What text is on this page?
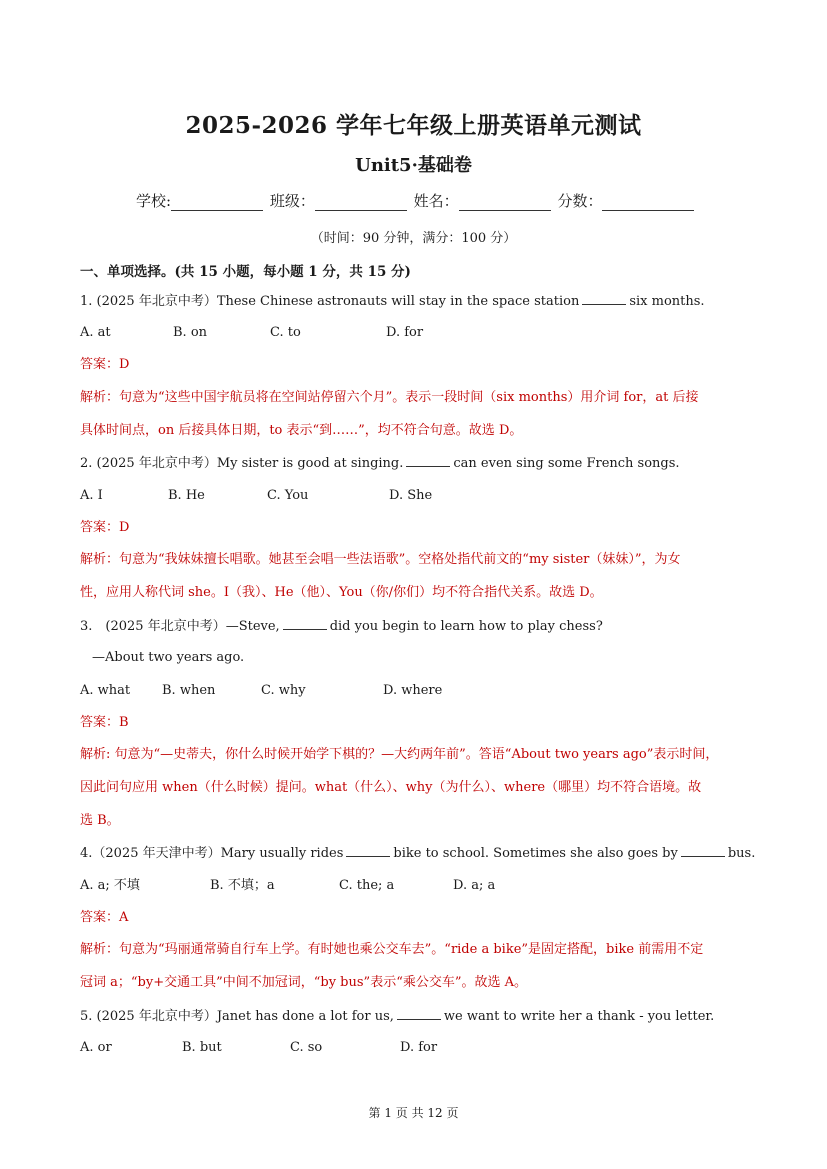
2025-2026 学年七年级上册英语单元测试
Unit5·基础卷
学校:	班级：	姓名：	分数：
（时间：90 分钟，满分：100 分）
一、单项选择。(共 15 小题，每小题 1 分，共 15 分)
1. (2025 年北京中考）These Chinese astronauts will stay in the space station	six months.
A. at	B. on	C. to	D. for
答案：D
解析：句意为“这些中国宇航员将在空间站停留六个月”。表示一段时间（six months）用介词 for，at 后接
具体时间点，on 后接具体日期，to 表示“到……”，均不符合句意。故选 D。
2. (2025 年北京中考）My sister is good at singing.	can even sing some French songs.
A. I	B. He	C. You	D. She
答案：D
解析：句意为“我妹妹擅长唱歌。她甚至会唱一些法语歌”。空格处指代前文的“my sister（妹妹）”，为女
性，应用人称代词 she。I（我）、He（他）、You（你/你们）均不符合指代关系。故选 D。
3.　(2025 年北京中考）—Steve,	did you begin to learn how to play chess?
—About two years ago.
A. what B. when	C. why	D. where
答案：B
解析: 句意为“—史蒂夫，你什么时候开始学下棋的？—大约两年前”。答语“About two years ago”表示时间，
因此问句应用 when（什么时候）提问。what（什么）、why（为什么）、where（哪里）均不符合语境。故
选 B。
4.（2025 年天津中考）Mary usually rides	bike to school. Sometimes she also goes by	bus.
A. a; 不填	B. 不填；a	C. the; a	D. a; a
答案：A
解析：句意为“玛丽通常骑自行车上学。有时她也乘公交车去”。“ride a bike”是固定搭配，bike 前需用不定
冠词 a；“by+交通工具”中间不加冠词，“by bus”表示“乘公交车”。故选 A。
5. (2025 年北京中考）Janet has done a lot for us,	we want to write her a thank - you letter.
A. or	B. but	C. so	D. for
第 1 页 共 12 页
